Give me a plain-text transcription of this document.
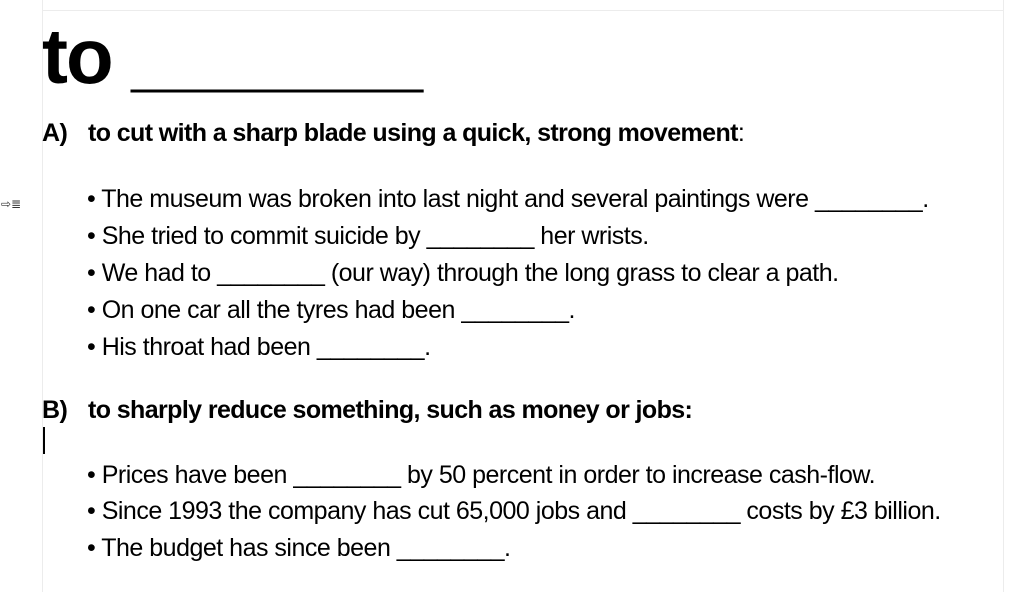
⇨≣
to _______
A) to cut with a sharp blade using a quick, strong movement:
• The museum was broken into last night and several paintings were ________.
• She tried to commit suicide by ________ her wrists.
• We had to ________ (our way) through the long grass to clear a path.
• On one car all the tyres had been ________.
• His throat had been ________.
B) to sharply reduce something, such as money or jobs:
• Prices have been ________ by 50 percent in order to increase cash-flow.
• Since 1993 the company has cut 65,000 jobs and ________ costs by £3 billion.
• The budget has since been ________.
